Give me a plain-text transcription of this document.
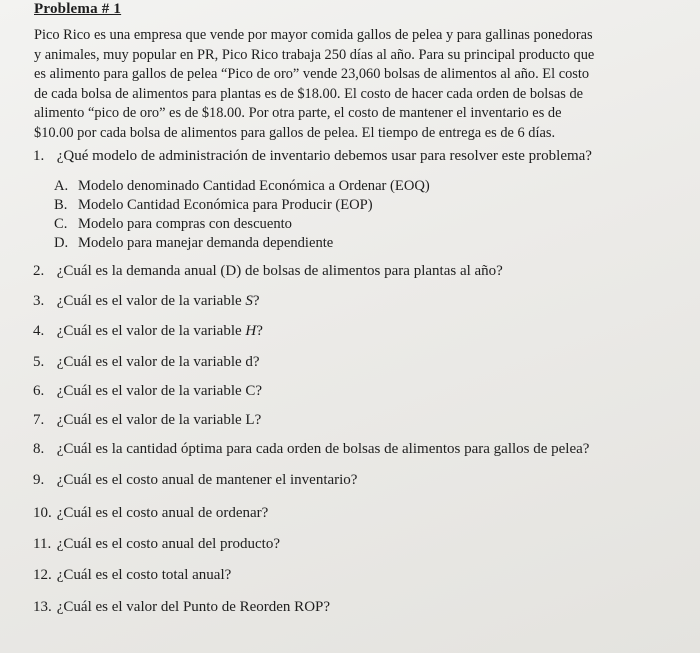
Problema # 1

Pico Rico es una empresa que vende por mayor comida gallos de pelea y para gallinas ponedoras
y animales, muy popular en PR, Pico Rico trabaja 250 días al año. Para su principal producto que
es alimento para gallos de pelea “Pico de oro” vende 23,060 bolsas de alimentos al año. El costo
de cada bolsa de alimentos para plantas es de $18.00. El costo de hacer cada orden de bolsas de
alimento “pico de oro” es de $18.00. Por otra parte, el costo de mantener el inventario es de
$10.00 por cada bolsa de alimentos para gallos de pelea. El tiempo de entrega es de 6 días.

1. ¿Qué modelo de administración de inventario debemos usar para resolver este problema?
A. Modelo denominado Cantidad Económica a Ordenar (EOQ)
B. Modelo Cantidad Económica para Producir (EOP)
C. Modelo para compras con descuento
D. Modelo para manejar demanda dependiente
2. ¿Cuál es la demanda anual (D) de bolsas de alimentos para plantas al año?
3. ¿Cuál es el valor de la variable S?
4. ¿Cuál es el valor de la variable H?
5. ¿Cuál es el valor de la variable d?
6. ¿Cuál es el valor de la variable C?
7. ¿Cuál es el valor de la variable L?
8. ¿Cuál es la cantidad óptima para cada orden de bolsas de alimentos para gallos de pelea?
9. ¿Cuál es el costo anual de mantener el inventario?
10. ¿Cuál es el costo anual de ordenar?
11. ¿Cuál es el costo anual del producto?
12. ¿Cuál es el costo total anual?
13. ¿Cuál es el valor del Punto de Reorden ROP?
